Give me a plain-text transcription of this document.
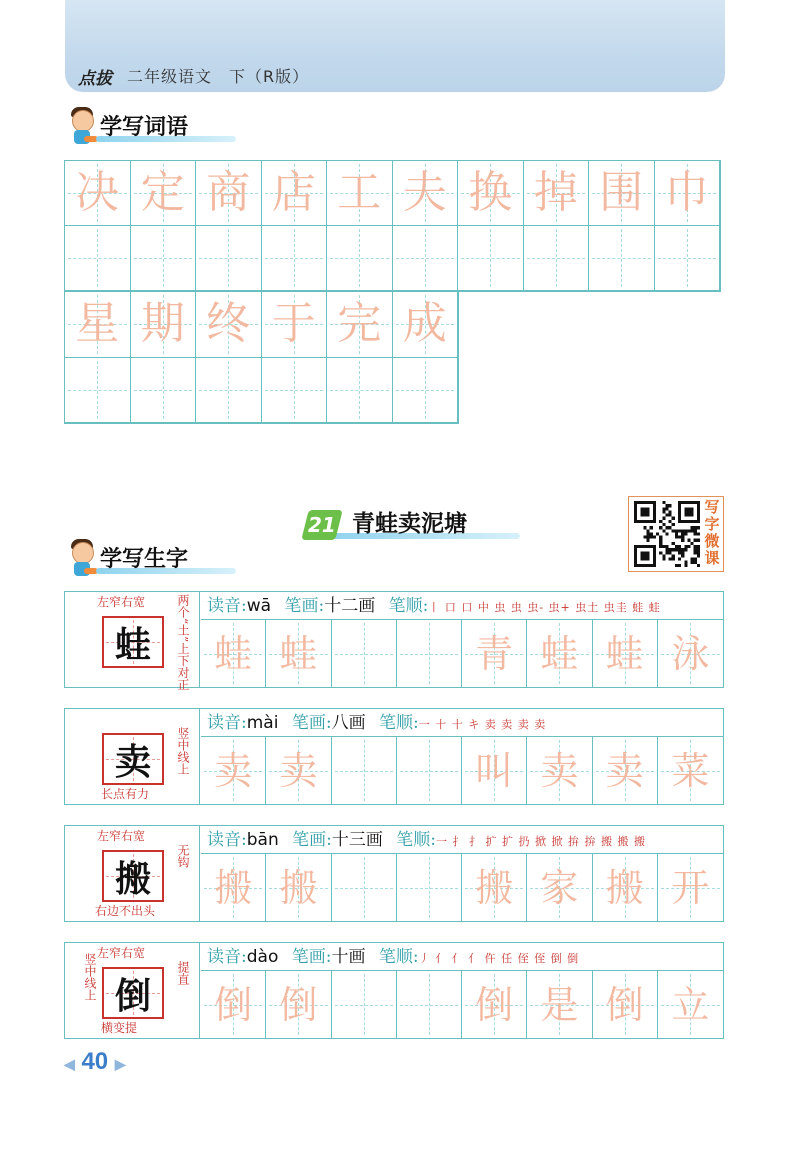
点拔 二年级语文　下（R版）
学写词语
决 定 商 店 工 夫 换 掉 围 巾
星 期 终 于 完 成
21 青蛙卖泥塘
写字微课
学写生字
蛙
左窄右宽	两个“土”上下对正	读音:wā 笔画:十二画 笔顺:丨 口 口 中 虫 虫 虫- 虫+ 虫土 虫圭 蛙 蛙
蛙 蛙	青 蛙 蛙 泳
卖
长点有力
竖中线上
读音:mài 笔画:八画 笔顺:一 十 十 キ 卖 卖 卖 卖
卖 卖	叫 卖 卖 菜
搬
左窄右宽
右边不出头
无钩
读音:bān 笔画:十三画 笔顺:一 扌 扌 扩 扩 扔 掀 掀 拚 拚 搬 搬 搬
搬 搬	搬 家 搬 开
倒
左窄右宽
横变提
提直
竖中线上	读音:dào 笔画:十画 笔顺:丿 亻 亻 亻 仵 任 侄 侄 倒 倒
倒 倒	倒 是 倒 立
◀ 40 ▶
